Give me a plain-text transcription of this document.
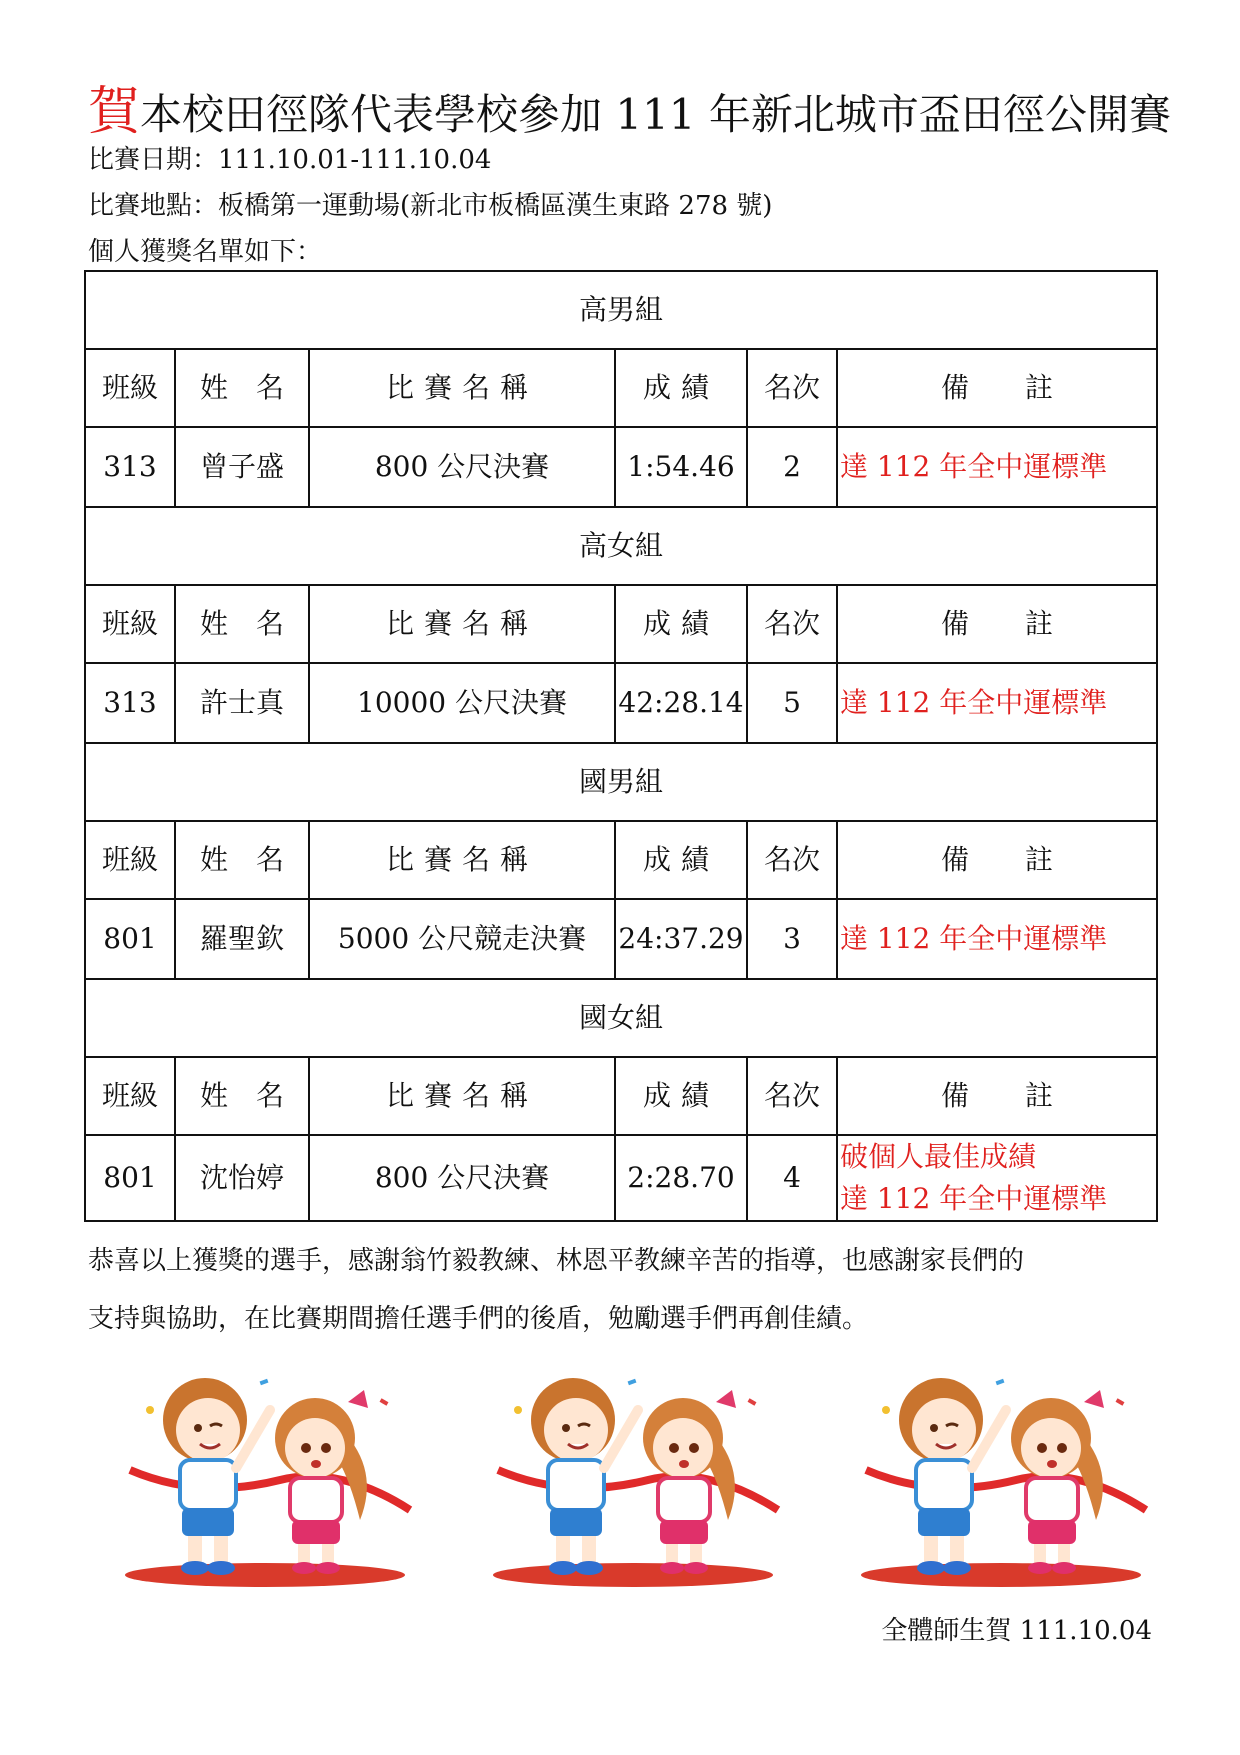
賀本校田徑隊代表學校參加 111 年新北城市盃田徑公開賽
比賽日期：111.10.01-111.10.04
比賽地點：板橋第一運動場(新北市板橋區漢生東路 278 號)
個人獲獎名單如下：
高男組					
班級	姓　名	比賽名稱	成績	名次	備　　註
313	曾子盛	800 公尺決賽	1:54.46	2	達 112 年全中運標準

高女組					
班級	姓　名	比賽名稱	成績	名次	備　　註
313	許士真	10000 公尺決賽	42:28.14	5	達 112 年全中運標準

國男組					
班級	姓　名	比賽名稱	成績	名次	備　　註
801	羅聖欽	5000 公尺競走決賽	24:37.29	3	達 112 年全中運標準

國女組					
班級	姓　名	比賽名稱	成績	名次	備　　註
801	沈怡婷	800 公尺決賽	2:28.70	4	破個人最佳成績
達 112 年全中運標準

恭喜以上獲獎的選手，感謝翁竹毅教練、林恩平教練辛苦的指導，也感謝家長們的

支持與協助，在比賽期間擔任選手們的後盾，勉勵選手們再創佳績。

全體師生賀 111.10.04
